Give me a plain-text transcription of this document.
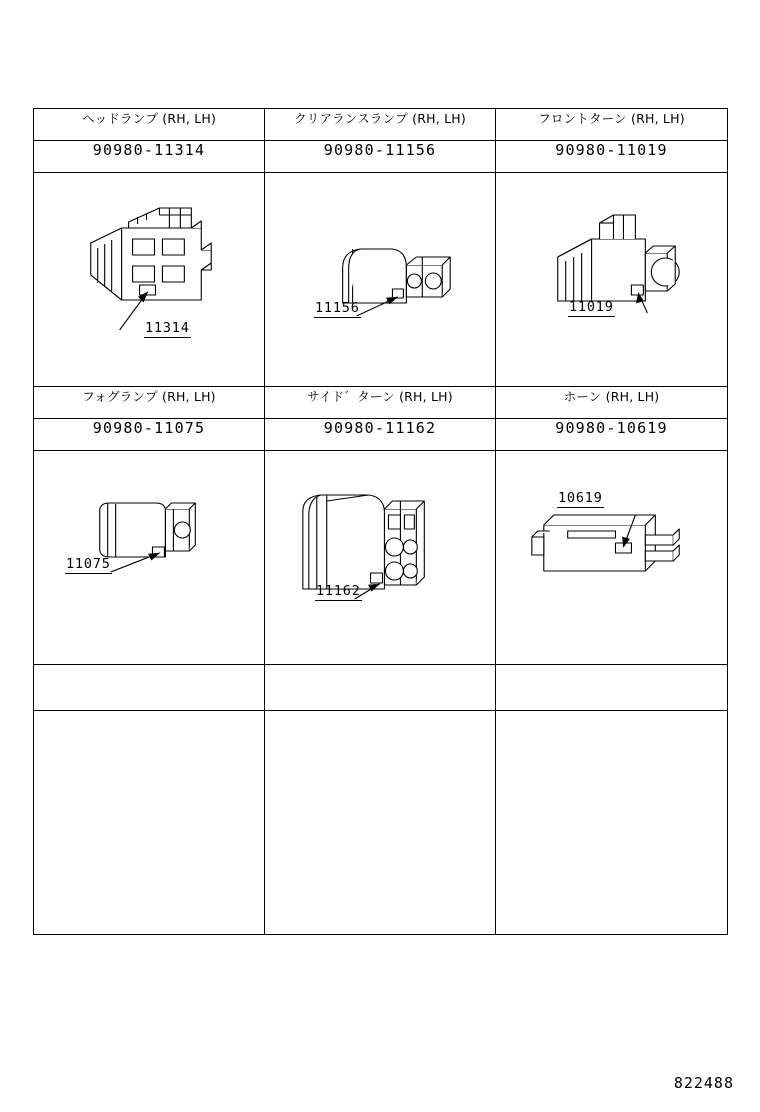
ヘッドランプ (RH, LH)	クリアランスランプ (RH, LH)	フロントターン (RH, LH)
90980-11314	90980-11156	90980-11019

11314	11156	11019

フォグランプ (RH, LH)	サイド゛ターン (RH, LH)	ホーン (RH, LH)
90980-11075	90980-11162	90980-10619

11075	11162	10619

822488
